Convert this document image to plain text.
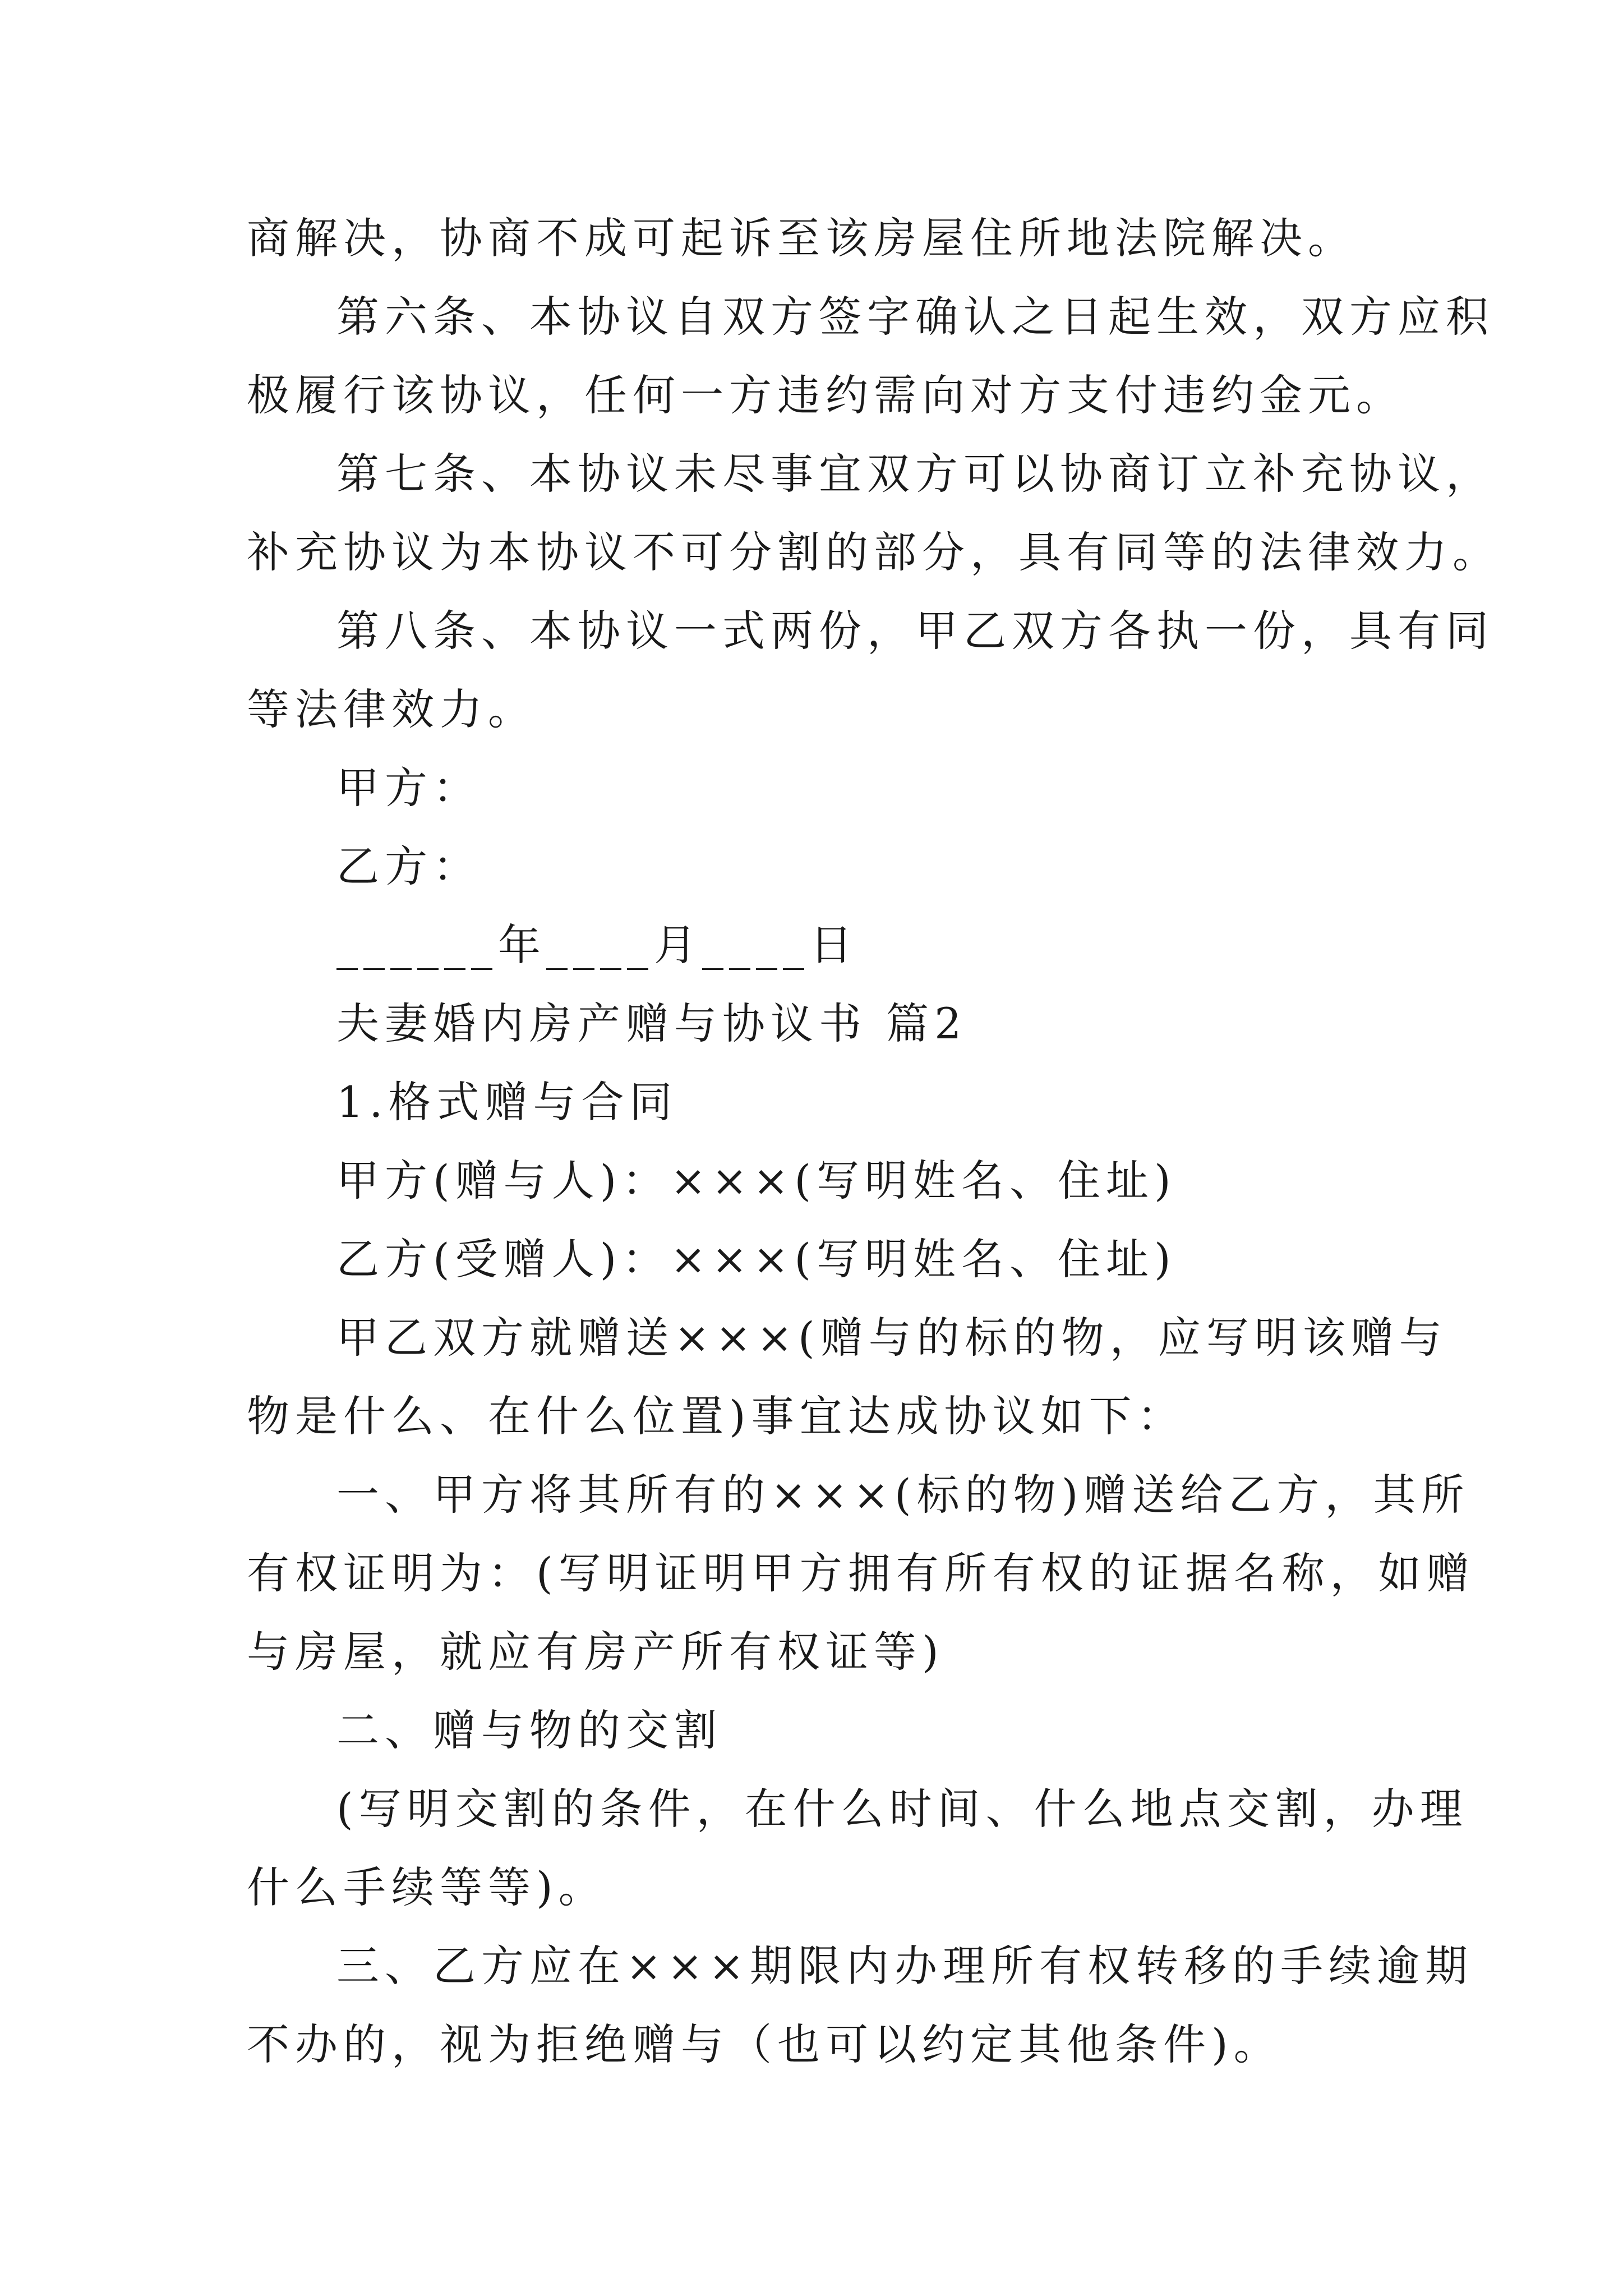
商解决，协商不成可起诉至该房屋住所地法院解决。
第六条、本协议自双方签字确认之日起生效，双方应积
极履行该协议，任何一方违约需向对方支付违约金元。
第七条、本协议未尽事宜双方可以协商订立补充协议，
补充协议为本协议不可分割的部分，具有同等的法律效力。
第八条、本协议一式两份，甲乙双方各执一份，具有同
等法律效力。
甲方：
乙方：
______年____月____日
夫妻婚内房产赠与协议书 篇2
1.格式赠与合同
甲方(赠与人)：×××(写明姓名、住址)
乙方(受赠人)：×××(写明姓名、住址)
甲乙双方就赠送×××(赠与的标的物，应写明该赠与
物是什么、在什么位置)事宜达成协议如下：
一、甲方将其所有的×××(标的物)赠送给乙方，其所
有权证明为：(写明证明甲方拥有所有权的证据名称，如赠
与房屋，就应有房产所有权证等)
二、赠与物的交割
(写明交割的条件，在什么时间、什么地点交割，办理
什么手续等等)。
三、乙方应在×××期限内办理所有权转移的手续逾期
不办的，视为拒绝赠与（也可以约定其他条件)。
